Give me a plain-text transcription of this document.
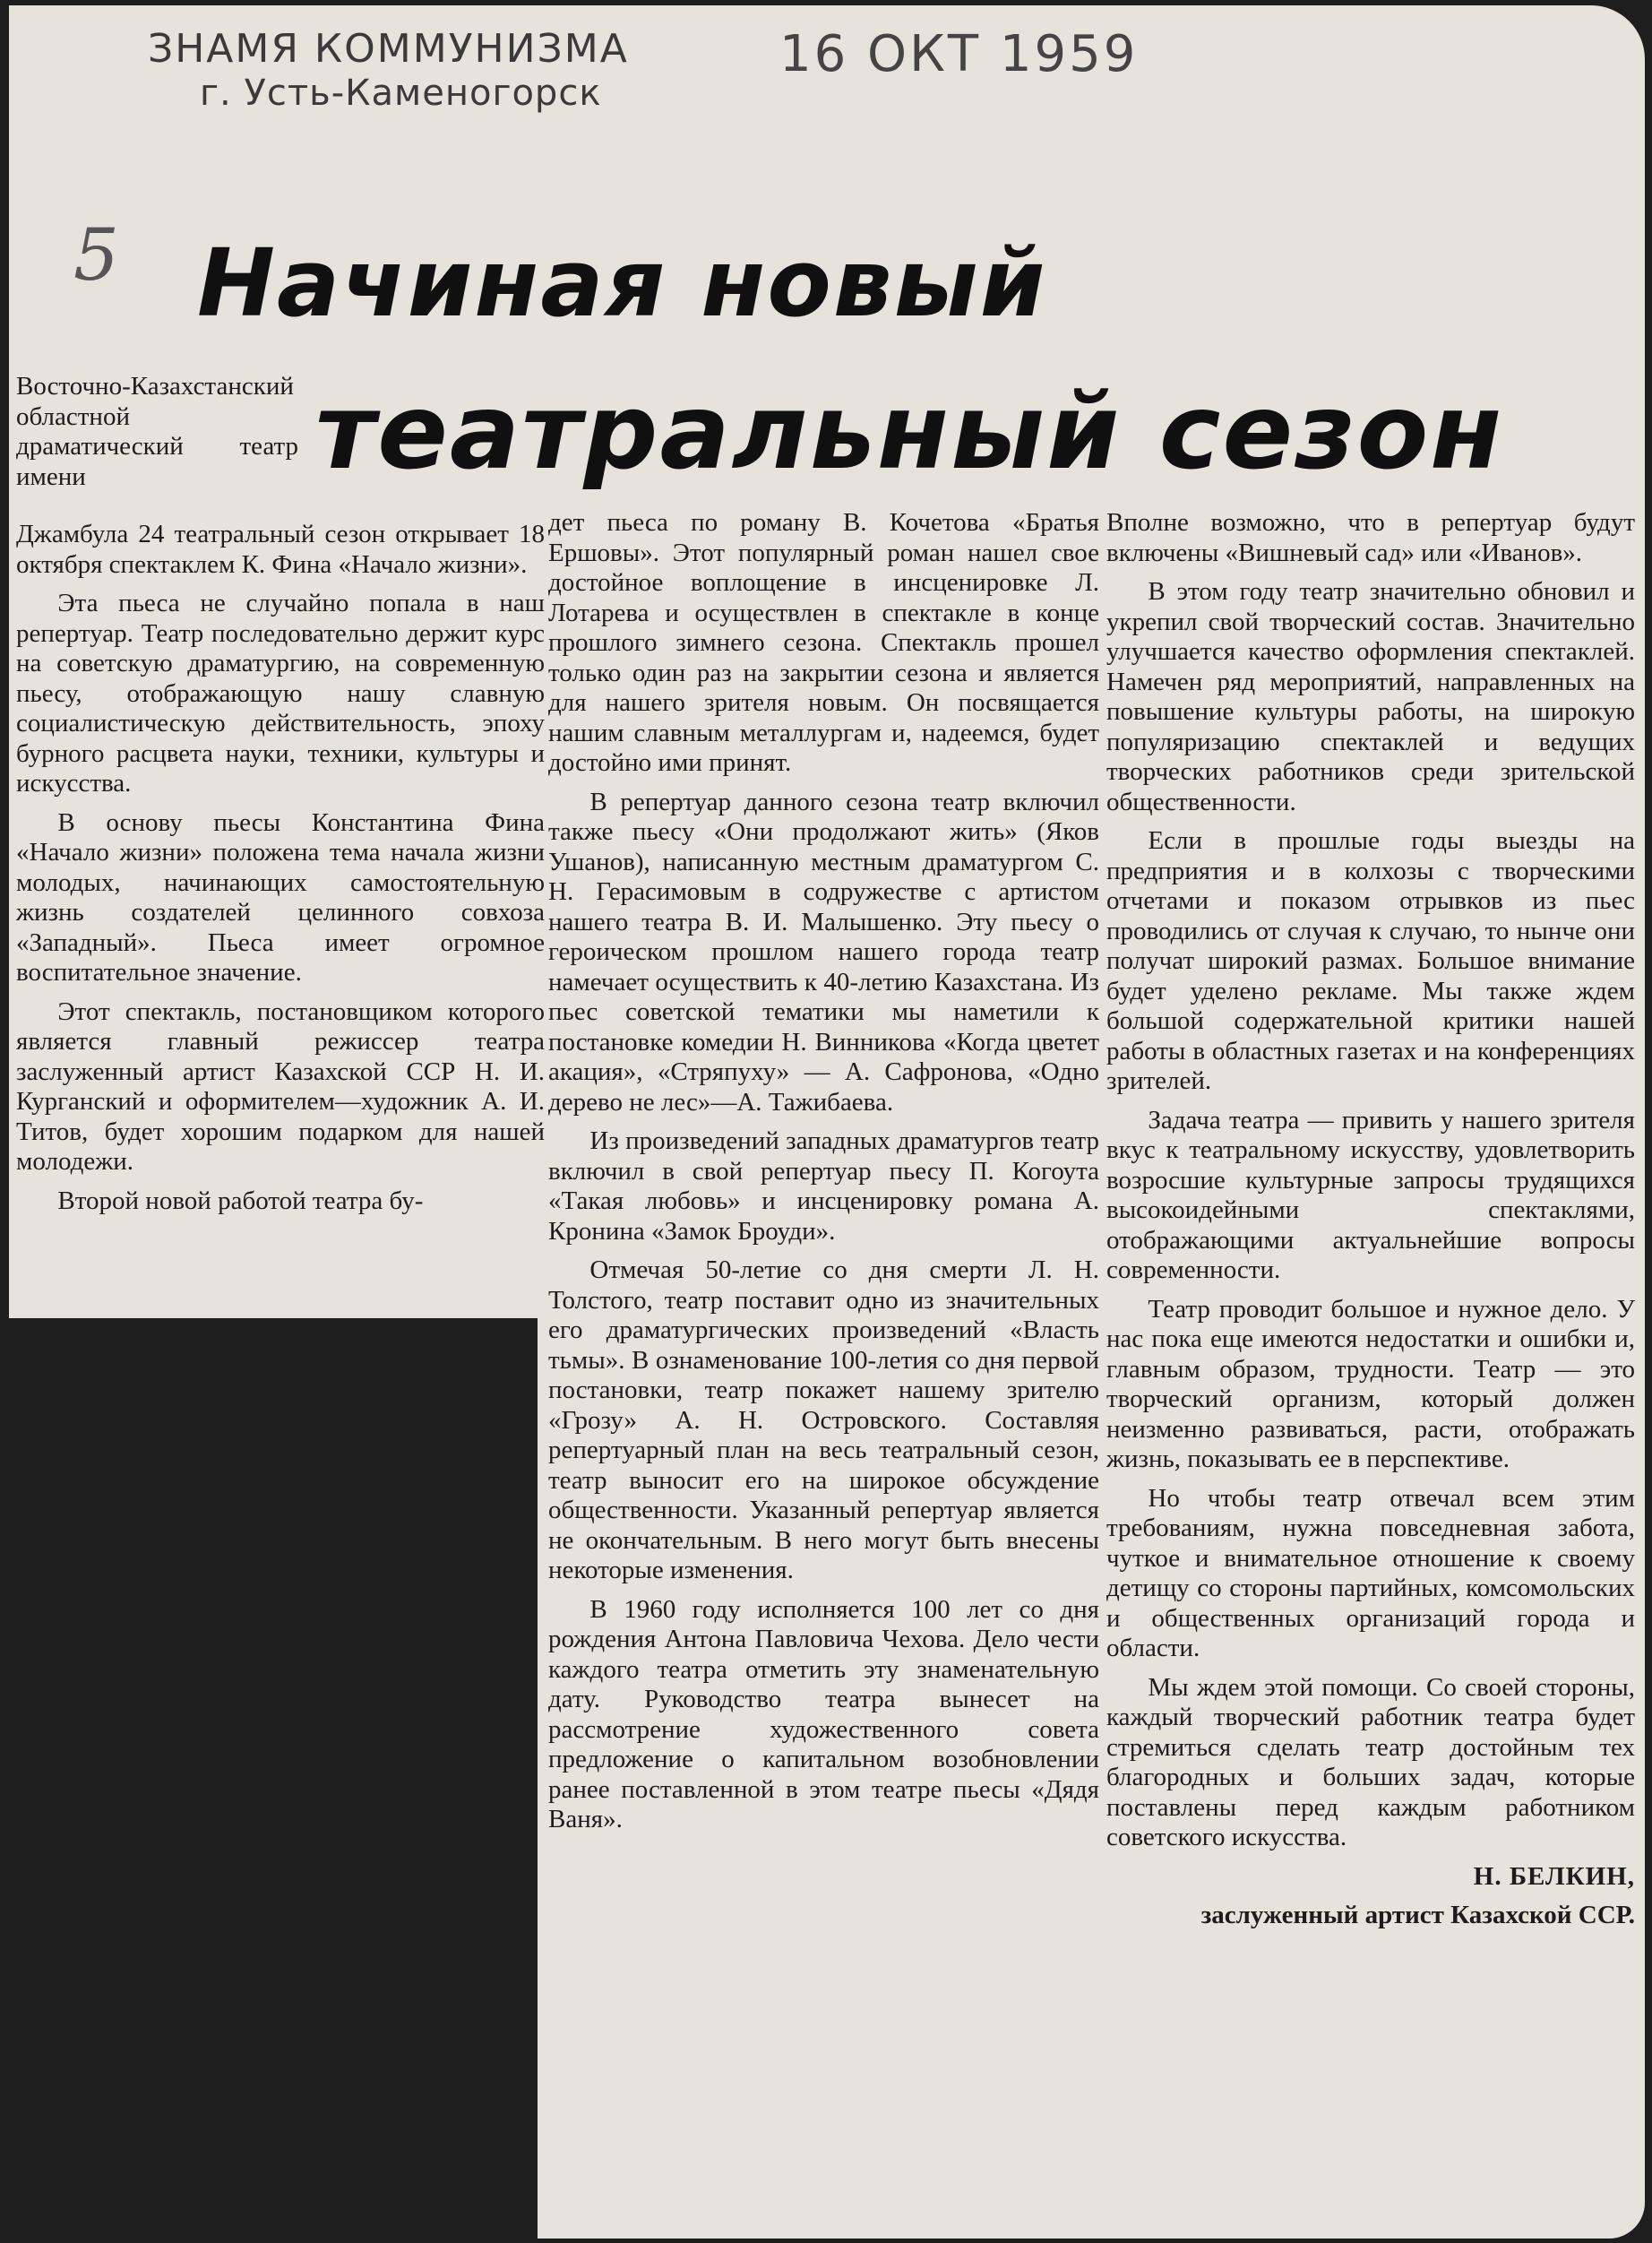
ЗНАМЯ КОММУНИЗМА
г. Усть-Каменогорск
16 ОКТ 1959
5 Начиная новый
театральный сезон

Восточно-Казахстанский областной драматический театр имени

Джамбула 24 театральный сезон открывает 18 октября спектаклем К. Фина «Начало жизни».

Эта пьеса не случайно попала в наш репертуар. Театр последовательно держит курс на советскую драматургию, на современную пьесу, отображающую нашу славную социалистическую действительность, эпоху бурного расцвета науки, техники, культуры и искусства.

В основу пьесы Константина Фина «Начало жизни» положена тема начала жизни молодых, начинающих самостоятельную жизнь создателей целинного совхоза «Западный». Пьеса имеет огромное воспитательное значение.

Этот спектакль, постановщиком которого является главный режиссер театра заслуженный артист Казахской ССР Н. И. Курганский и оформителем—художник А. И. Титов, будет хорошим подарком для нашей молодежи.

Второй новой работой театра бу-

дет пьеса по роману В. Кочетова «Братья Ершовы». Этот популярный роман нашел свое достойное воплощение в инсценировке Л. Лотарева и осуществлен в спектакле в конце прошлого зимнего сезона. Спектакль прошел только один раз на закрытии сезона и является для нашего зрителя новым. Он посвящается нашим славным металлургам и, надеемся, будет достойно ими принят.

В репертуар данного сезона театр включил также пьесу «Они продолжают жить» (Яков Ушанов), написанную местным драматургом С. Н. Герасимовым в содружестве с артистом нашего театра В. И. Малышенко. Эту пьесу о героическом прошлом нашего города театр намечает осуществить к 40-летию Казахстана. Из пьес советской тематики мы наметили к постановке комедии Н. Винникова «Когда цветет акация», «Стряпуху» — А. Сафронова, «Одно дерево не лес»—А. Тажибаева.

Из произведений западных драматургов театр включил в свой репертуар пьесу П. Когоута «Такая любовь» и инсценировку романа А. Кронина «Замок Броуди».

Отмечая 50-летие со дня смерти Л. Н. Толстого, театр поставит одно из значительных его драматургических произведений «Власть тьмы». В ознаменование 100-летия со дня первой постановки, театр покажет нашему зрителю «Грозу» А. Н. Островского. Составляя репертуарный план на весь театральный сезон, театр выносит его на широкое обсуждение общественности. Указанный репертуар является не окончательным. В него могут быть внесены некоторые изменения.

В 1960 году исполняется 100 лет со дня рождения Антона Павловича Чехова. Дело чести каждого театра отметить эту знаменательную дату. Руководство театра вынесет на рассмотрение художественного совета предложение о капитальном возобновлении ранее поставленной в этом театре пьесы «Дядя Ваня».

Вполне возможно, что в репертуар будут включены «Вишневый сад» или «Иванов».

В этом году театр значительно обновил и укрепил свой творческий состав. Значительно улучшается качество оформления спектаклей. Намечен ряд мероприятий, направленных на повышение культуры работы, на широкую популяризацию спектаклей и ведущих творческих работников среди зрительской общественности.

Если в прошлые годы выезды на предприятия и в колхозы с творческими отчетами и показом отрывков из пьес проводились от случая к случаю, то нынче они получат широкий размах. Большое внимание будет уделено рекламе. Мы также ждем большой содержательной критики нашей работы в областных газетах и на конференциях зрителей.

Задача театра — привить у нашего зрителя вкус к театральному искусству, удовлетворить возросшие культурные запросы трудящихся высокоидейными спектаклями, отображающими актуальнейшие вопросы современности.

Театр проводит большое и нужное дело. У нас пока еще имеются недостатки и ошибки и, главным образом, трудности. Театр — это творческий организм, который должен неизменно развиваться, расти, отображать жизнь, показывать ее в перспективе.

Но чтобы театр отвечал всем этим требованиям, нужна повседневная забота, чуткое и внимательное отношение к своему детищу со стороны партийных, комсомольских и общественных организаций города и области.

Мы ждем этой помощи. Со своей стороны, каждый творческий работник театра будет стремиться сделать театр достойным тех благородных и больших задач, которые поставлены перед каждым работником советского искусства.

Н. БЕЛКИН,

заслуженный артист Казахской ССР.
